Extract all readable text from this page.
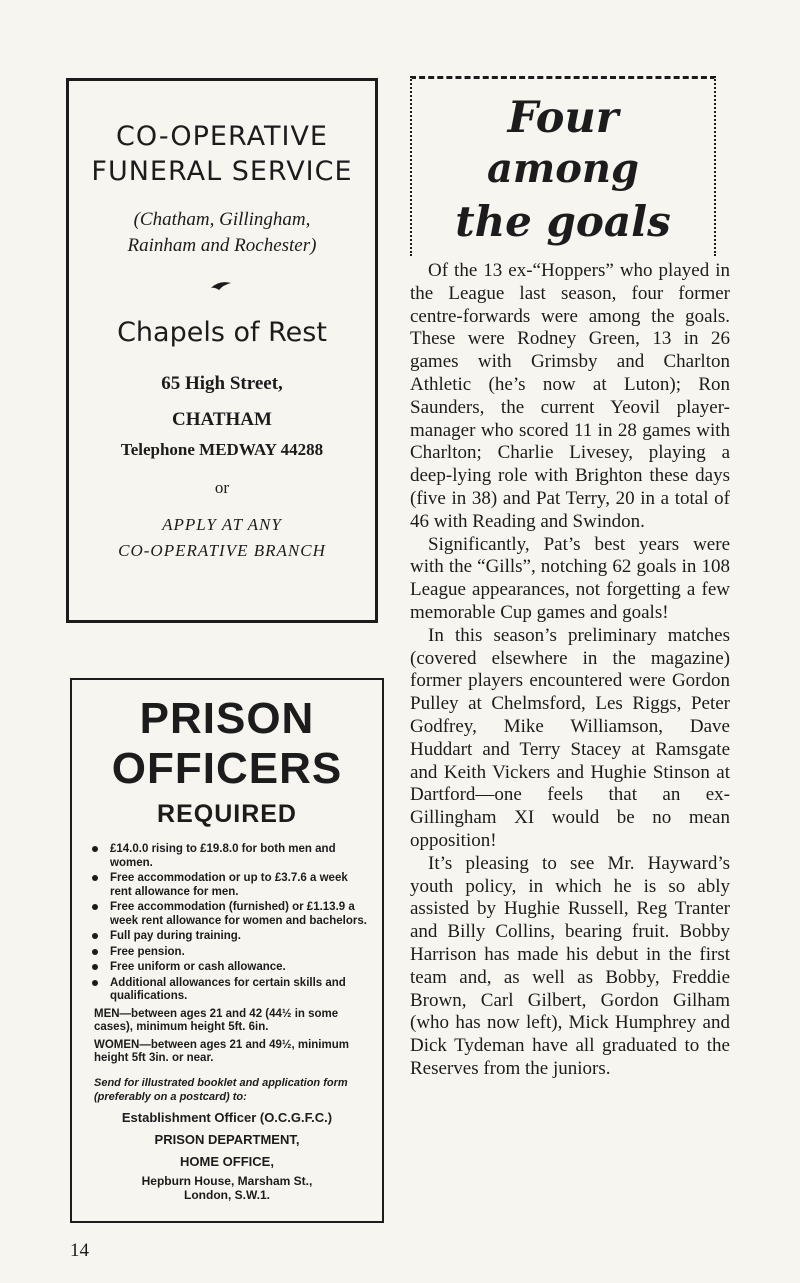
CO-OPERATIVE
FUNERAL SERVICE
(Chatham, Gillingham,
Rainham and Rochester)
Chapels of Rest
65 High Street,
CHATHAM
Telephone MEDWAY 44288
or
APPLY AT ANY
CO-OPERATIVE BRANCH
PRISON
OFFICERS
REQUIRED
£14.0.0 rising to £19.8.0 for both men and women.
Free accommodation or up to £3.7.6 a week rent allowance for men.
Free accommodation (furnished) or £1.13.9 a week rent allowance for women and bachelors.
Full pay during training.
Free pension.
Free uniform or cash allowance.
Additional allowances for certain skills and qualifications.
MEN—between ages 21 and 42 (44½ in some cases), minimum height 5ft. 6in.
WOMEN—between ages 21 and 49½, minimum height 5ft 3in. or near.
Send for illustrated booklet and application form (preferably on a postcard) to:
Establishment Officer (O.C.G.F.C.)
PRISON DEPARTMENT,
HOME OFFICE,
Hepburn House, Marsham St.,
London, S.W.1.
Four
among
the goals

Of the 13 ex-“Hoppers” who played in the League last season, four former centre-forwards were among the goals. These were Rodney Green, 13 in 26 games with Grimsby and Charlton Athletic (he’s now at Luton); Ron Saunders, the current Yeovil player-manager who scored 11 in 28 games with Charlton; Charlie Livesey, playing a deep-lying role with Brighton these days (five in 38) and Pat Terry, 20 in a total of 46 with Reading and Swindon.

Significantly, Pat’s best years were with the “Gills”, notching 62 goals in 108 League appearances, not forgetting a few memorable Cup games and goals!

In this season’s preliminary matches (covered elsewhere in the magazine) former players encountered were Gordon Pulley at Chelmsford, Les Riggs, Peter Godfrey, Mike Williamson, Dave Huddart and Terry Stacey at Ramsgate and Keith Vickers and Hughie Stinson at Dartford—one feels that an ex-Gillingham XI would be no mean opposition!

It’s pleasing to see Mr. Hayward’s youth policy, in which he is so ably assisted by Hughie Russell, Reg Tranter and Billy Collins, bearing fruit. Bobby Harrison has made his debut in the first team and, as well as Bobby, Freddie Brown, Carl Gilbert, Gordon Gilham (who has now left), Mick Humphrey and Dick Tydeman have all graduated to the Reserves from the juniors.

14
